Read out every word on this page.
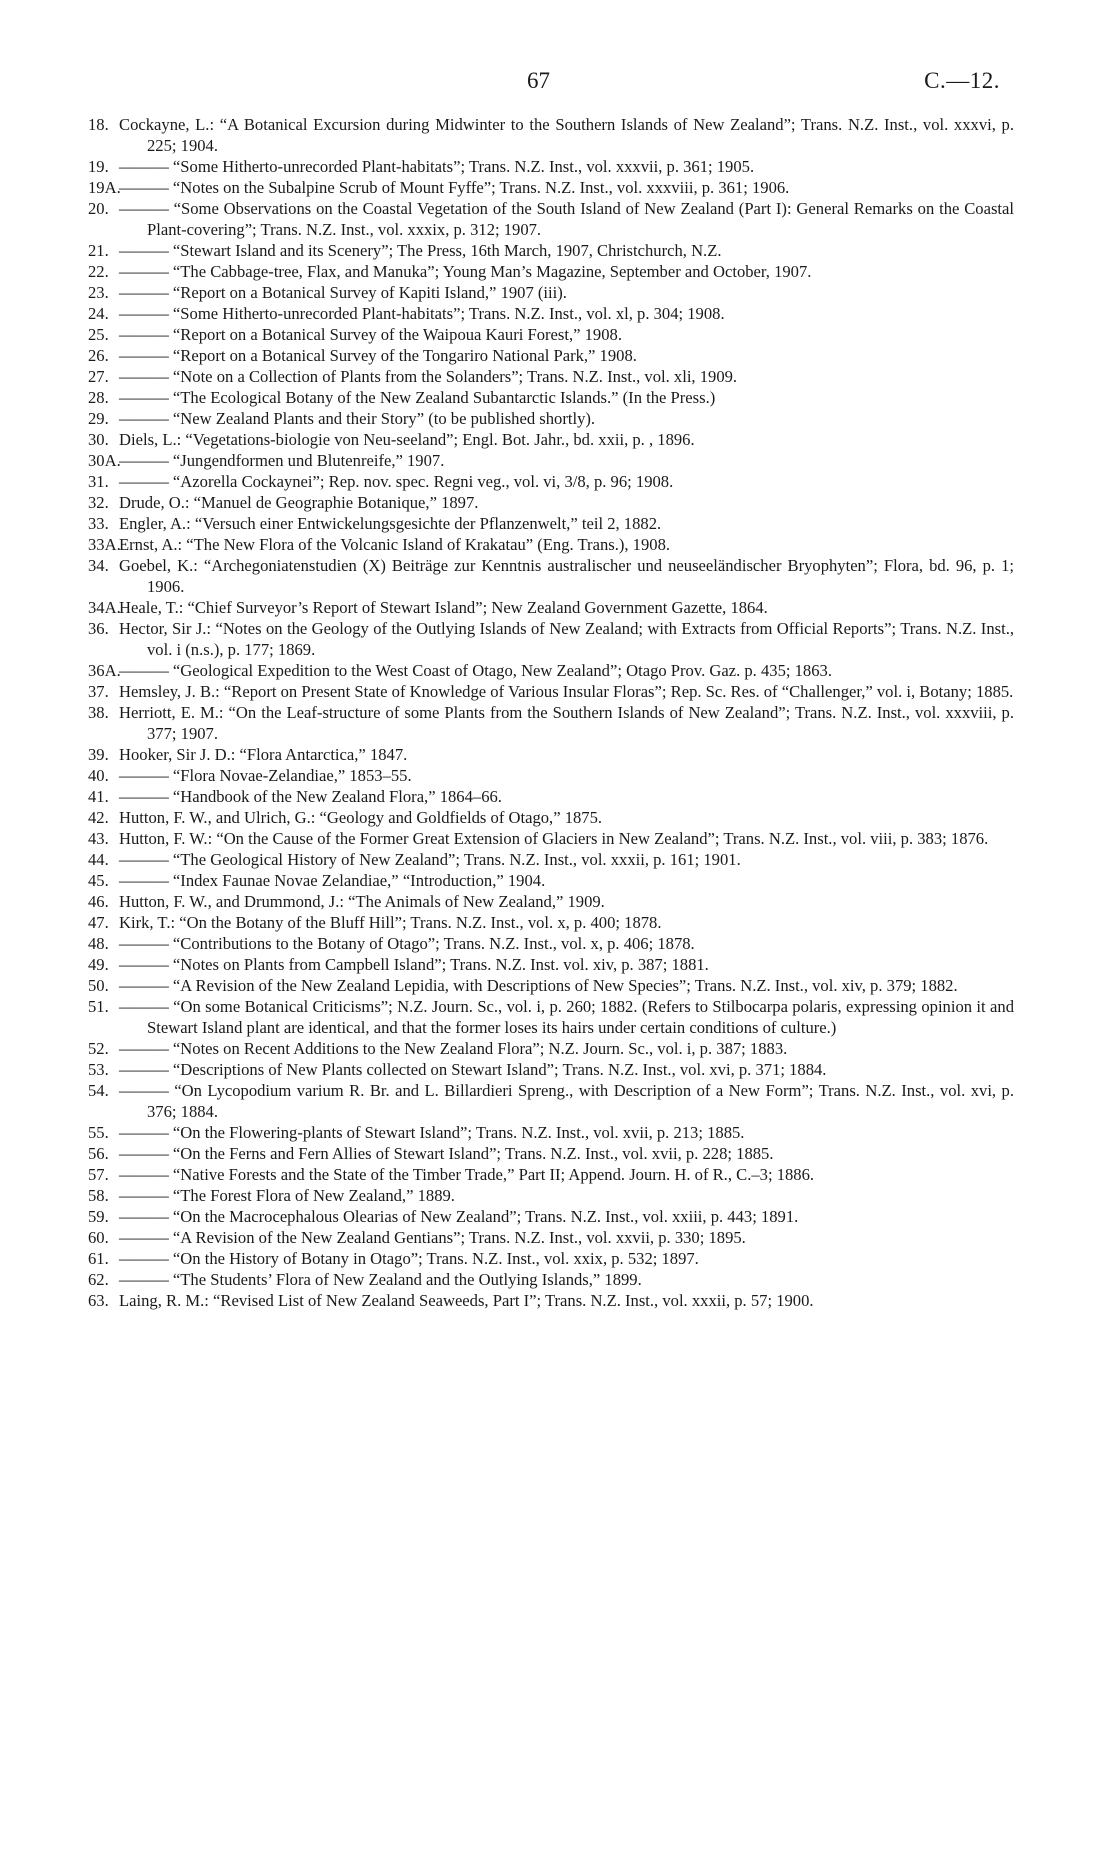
67	C.—12.
18. Cockayne, L.: “A Botanical Excursion during Midwinter to the Southern Islands of New Zealand”; Trans. N.Z. Inst., vol. xxxvi, p. 225; 1904.
19. ——— “Some Hitherto-unrecorded Plant-habitats”; Trans. N.Z. Inst., vol. xxxvii, p. 361; 1905.
19A.——— “Notes on the Subalpine Scrub of Mount Fyffe”; Trans. N.Z. Inst., vol. xxxviii, p. 361; 1906.
20. ——— “Some Observations on the Coastal Vegetation of the South Island of New Zealand (Part I): General Remarks on the Coastal Plant-covering”; Trans. N.Z. Inst., vol. xxxix, p. 312; 1907.
21. ——— “Stewart Island and its Scenery”; The Press, 16th March, 1907, Christchurch, N.Z.
22. ——— “The Cabbage-tree, Flax, and Manuka”; Young Man’s Magazine, September and October, 1907.
23. ——— “Report on a Botanical Survey of Kapiti Island,” 1907 (iii).
24. ——— “Some Hitherto-unrecorded Plant-habitats”; Trans. N.Z. Inst., vol. xl, p. 304; 1908.
25. ——— “Report on a Botanical Survey of the Waipoua Kauri Forest,” 1908.
26. ——— “Report on a Botanical Survey of the Tongariro National Park,” 1908.
27. ——— “Note on a Collection of Plants from the Solanders”; Trans. N.Z. Inst., vol. xli, 1909.
28. ——— “The Ecological Botany of the New Zealand Subantarctic Islands.” (In the Press.)
29. ——— “New Zealand Plants and their Story” (to be published shortly).
30. Diels, L.: “Vegetations-biologie von Neu-seeland”; Engl. Bot. Jahr., bd. xxii, p. , 1896.
30A.——— “Jungendformen und Blutenreife,” 1907.
31. ——— “Azorella Cockaynei”; Rep. nov. spec. Regni veg., vol. vi, 3/8, p. 96; 1908.
32. Drude, O.: “Manuel de Geographie Botanique,” 1897.
33. Engler, A.: “Versuch einer Entwickelungsgesichte der Pflanzenwelt,” teil 2, 1882.
33A.Ernst, A.: “The New Flora of the Volcanic Island of Krakatau” (Eng. Trans.), 1908.
34. Goebel, K.: “Archegoniatenstudien (X) Beiträge zur Kenntnis australischer und neuseeländischer Bryophyten”; Flora, bd. 96, p. 1; 1906.
34A.Heale, T.: “Chief Surveyor’s Report of Stewart Island”; New Zealand Government Gazette, 1864.
36. Hector, Sir J.: “Notes on the Geology of the Outlying Islands of New Zealand; with Extracts from Official Reports”; Trans. N.Z. Inst., vol. i (n.s.), p. 177; 1869.
36A.——— “Geological Expedition to the West Coast of Otago, New Zealand”; Otago Prov. Gaz. p. 435; 1863.
37. Hemsley, J. B.: “Report on Present State of Knowledge of Various Insular Floras”; Rep. Sc. Res. of “Challenger,” vol. i, Botany; 1885.
38. Herriott, E. M.: “On the Leaf-structure of some Plants from the Southern Islands of New Zealand”; Trans. N.Z. Inst., vol. xxxviii, p. 377; 1907.
39. Hooker, Sir J. D.: “Flora Antarctica,” 1847.
40. ——— “Flora Novae-Zelandiae,” 1853–55.
41. ——— “Handbook of the New Zealand Flora,” 1864–66.
42. Hutton, F. W., and Ulrich, G.: “Geology and Goldfields of Otago,” 1875.
43. Hutton, F. W.: “On the Cause of the Former Great Extension of Glaciers in New Zealand”; Trans. N.Z. Inst., vol. viii, p. 383; 1876.
44. ——— “The Geological History of New Zealand”; Trans. N.Z. Inst., vol. xxxii, p. 161; 1901.
45. ——— “Index Faunae Novae Zelandiae,” “Introduction,” 1904.
46. Hutton, F. W., and Drummond, J.: “The Animals of New Zealand,” 1909.
47. Kirk, T.: “On the Botany of the Bluff Hill”; Trans. N.Z. Inst., vol. x, p. 400; 1878.
48. ——— “Contributions to the Botany of Otago”; Trans. N.Z. Inst., vol. x, p. 406; 1878.
49. ——— “Notes on Plants from Campbell Island”; Trans. N.Z. Inst. vol. xiv, p. 387; 1881.
50. ——— “A Revision of the New Zealand Lepidia, with Descriptions of New Species”; Trans. N.Z. Inst., vol. xiv, p. 379; 1882.
51. ——— “On some Botanical Criticisms”; N.Z. Journ. Sc., vol. i, p. 260; 1882. (Refers to Stilbocarpa polaris, expressing opinion it and Stewart Island plant are identical, and that the former loses its hairs under certain conditions of culture.)
52. ——— “Notes on Recent Additions to the New Zealand Flora”; N.Z. Journ. Sc., vol. i, p. 387; 1883.
53. ——— “Descriptions of New Plants collected on Stewart Island”; Trans. N.Z. Inst., vol. xvi, p. 371; 1884.
54. ——— “On Lycopodium varium R. Br. and L. Billardieri Spreng., with Description of a New Form”; Trans. N.Z. Inst., vol. xvi, p. 376; 1884.
55. ——— “On the Flowering-plants of Stewart Island”; Trans. N.Z. Inst., vol. xvii, p. 213; 1885.
56. ——— “On the Ferns and Fern Allies of Stewart Island”; Trans. N.Z. Inst., vol. xvii, p. 228; 1885.
57. ——— “Native Forests and the State of the Timber Trade,” Part II; Append. Journ. H. of R., C.–3; 1886.
58. ——— “The Forest Flora of New Zealand,” 1889.
59. ——— “On the Macrocephalous Olearias of New Zealand”; Trans. N.Z. Inst., vol. xxiii, p. 443; 1891.
60. ——— “A Revision of the New Zealand Gentians”; Trans. N.Z. Inst., vol. xxvii, p. 330; 1895.
61. ——— “On the History of Botany in Otago”; Trans. N.Z. Inst., vol. xxix, p. 532; 1897.
62. ——— “The Students’ Flora of New Zealand and the Outlying Islands,” 1899.
63. Laing, R. M.: “Revised List of New Zealand Seaweeds, Part I”; Trans. N.Z. Inst., vol. xxxii, p. 57; 1900.
